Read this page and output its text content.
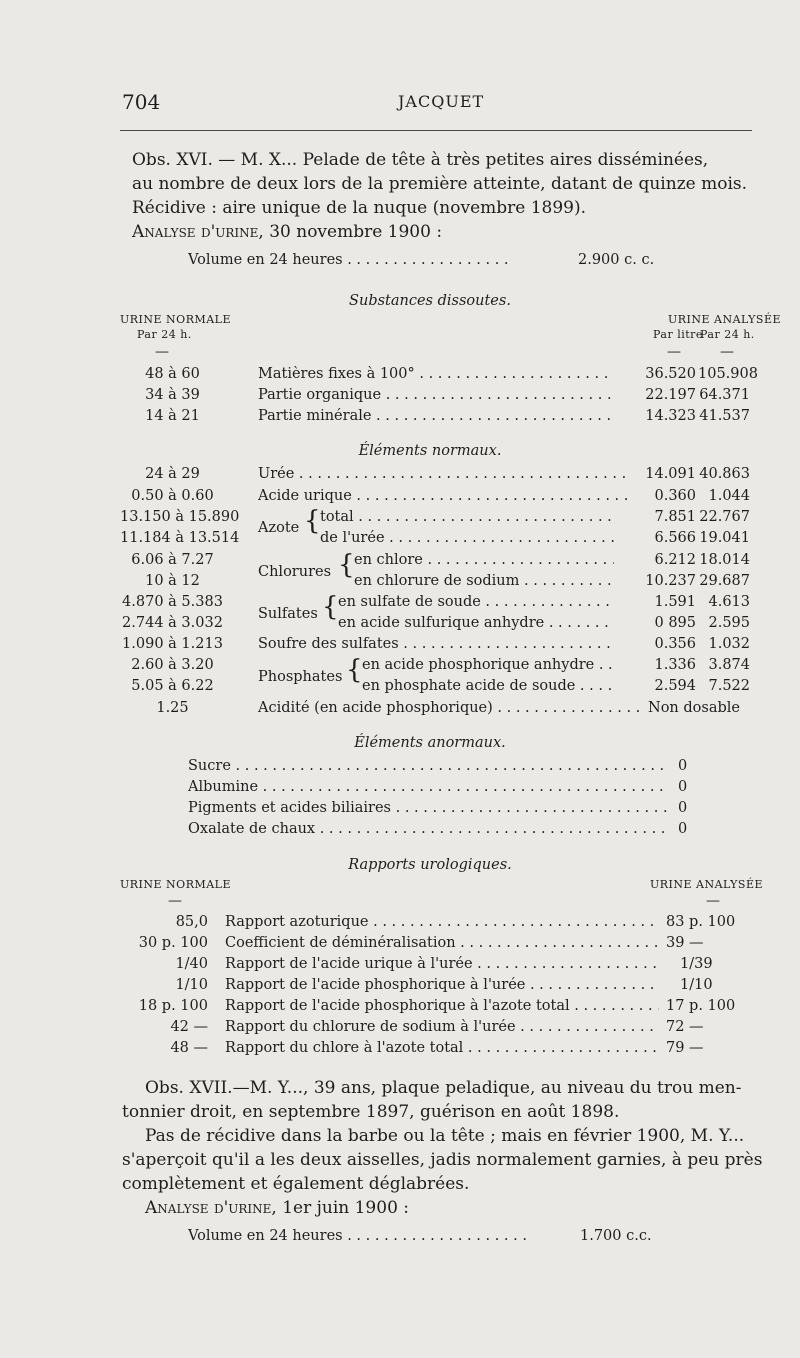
704	JACQUET
Obs. XVI. — M. X... Pelade de tête à très petites aires disséminées,
au nombre de deux lors de la première atteinte, datant de quinze mois.
Récidive : aire unique de la nuque (novembre 1899).
Analyse d'urine, 30 novembre 1900 :
Volume en 24 heures . . .	2.900 c. c.
Substances dissoutes.
URINE NORMALE	URINE ANALYSÉE
Par 24 h.	Par litre
Par 24 h.
—	—	—
48 à 60	Matières fixes à 100° . . .	36.520 105.908
34 à 39	Partie organique . . .	22.197 64.371
14 à 21	Partie minérale . . .	14.323 41.537
Éléments normaux.
24 à 29	Urée . . .	14.091 40.863
0.50 à 0.60	Acide urique . . .	0.360 1.044
Azote {
13.150 à 15.890	total . . .	7.851 22.767
11.184 à 13.514	de l'urée . . .	6.566 19.041
Chlorures {
6.06 à 7.27	en chlore . . .	6.212 18.014
10 à 12	en chlorure de sodium . . .	10.237 29.687
Sulfates {
4.870 à 5.383	en sulfate de soude . . .	1.591 4.613
2.744 à 3.032	en acide sulfurique anhydre . . .	0 895 2.595
1.090 à 1.213 Soufre des sulfates . . .	0.356 1.032
Phosphates {
2.60 à 3.20	en acide phosphorique anhydre . . .	1.336 3.874
5.05 à 6.22	en phosphate acide de soude . . .	2.594 7.522
1.25	Acidité (en acide phosphorique) . . .	Non dosable
Éléments anormaux.
Sucre . . .	0
Albumine . . .	0
Pigments et acides biliaires . . .	0
Oxalate de chaux . . .	0
Rapports urologiques.
URINE NORMALE	URINE ANALYSÉE
—	—
85,0 Rapport azoturique . . .	83 p. 100
30 p. 100 Coefficient de déminéralisation . . .	39 —
1/40 Rapport de l'acide urique à l'urée . . .	1/39
1/10 Rapport de l'acide phosphorique à l'urée . . .	1/10
18 p. 100 Rapport de l'acide phosphorique à l'azote total . . .	17 p. 100
42 — Rapport du chlorure de sodium à l'urée . . .	72 —
48 — Rapport du chlore à l'azote total . . .	79 —
Obs. XVII.—M. Y..., 39 ans, plaque peladique, au niveau du trou men-
tonnier droit, en septembre 1897, guérison en août 1898.
Pas de récidive dans la barbe ou la tête ; mais en février 1900, M. Y...
s'aperçoit qu'il a les deux aisselles, jadis normalement garnies, à peu près
complètement et également déglabrées.
Analyse d'urine, 1er juin 1900 :
Volume en 24 heures . . .	1.700 c.c.
